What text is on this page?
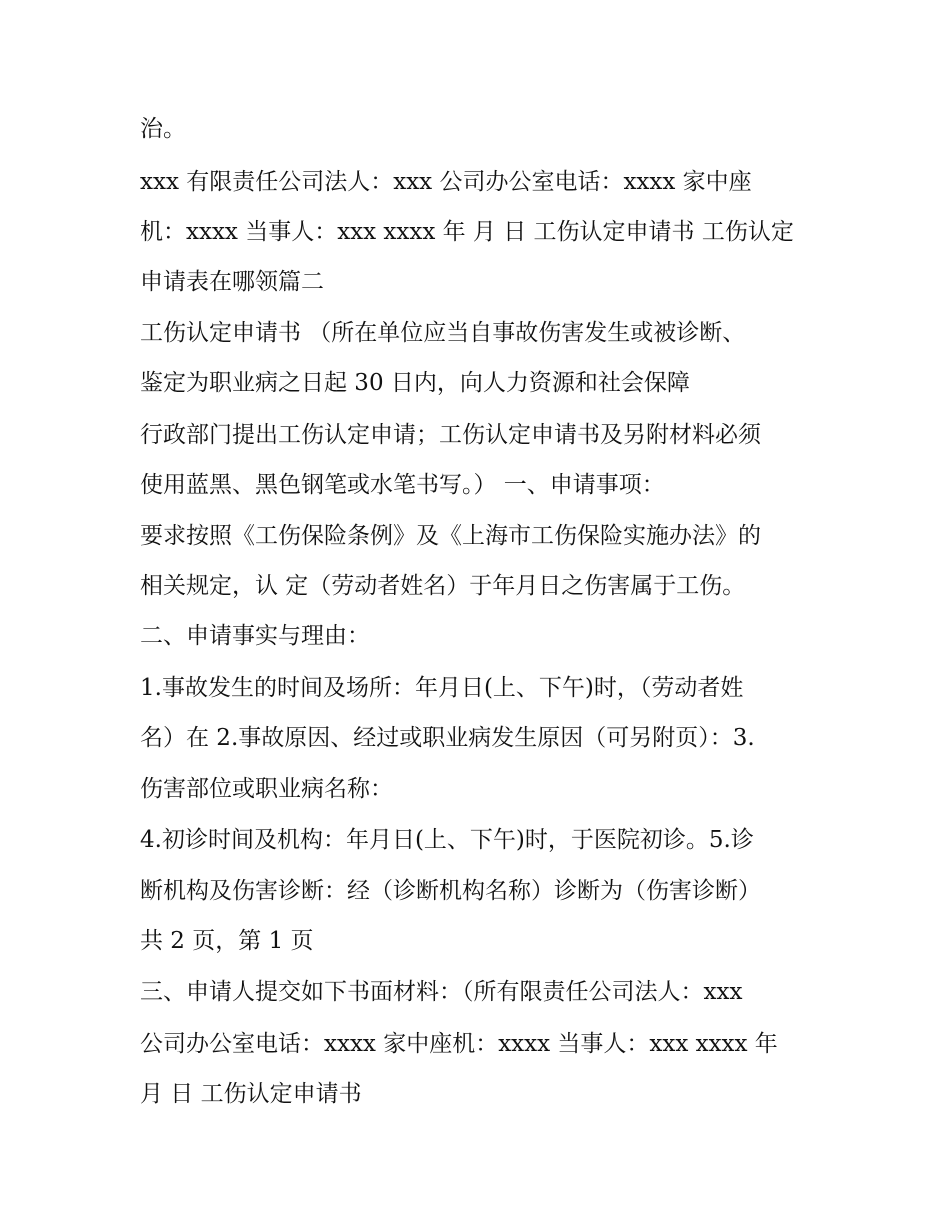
治。
xxx 有限责任公司法人：xxx 公司办公室电话：xxxx 家中座
机：xxxx 当事人：xxx xxxx 年 月 日 工伤认定申请书 工伤认定
申请表在哪领篇二
工伤认定申请书 （所在单位应当自事故伤害发生或被诊断、
鉴定为职业病之日起 30 日内，向人力资源和社会保障
行政部门提出工伤认定申请；工伤认定申请书及另附材料必须
使用蓝黑、黑色钢笔或水笔书写。） 一、申请事项：
要求按照《工伤保险条例》及《上海市工伤保险实施办法》的
相关规定，认 定（劳动者姓名）于年月日之伤害属于工伤。
二、申请事实与理由：
1.事故发生的时间及场所：年月日(上、下午)时，（劳动者姓
名）在 2.事故原因、经过或职业病发生原因（可另附页）：3.
伤害部位或职业病名称：
4.初诊时间及机构：年月日(上、下午)时，于医院初诊。5.诊
断机构及伤害诊断：经（诊断机构名称）诊断为（伤害诊断）
共 2 页，第 1 页
三、申请人提交如下书面材料：（所有限责任公司法人：xxx
公司办公室电话：xxxx 家中座机：xxxx 当事人：xxx xxxx 年
月 日 工伤认定申请书
